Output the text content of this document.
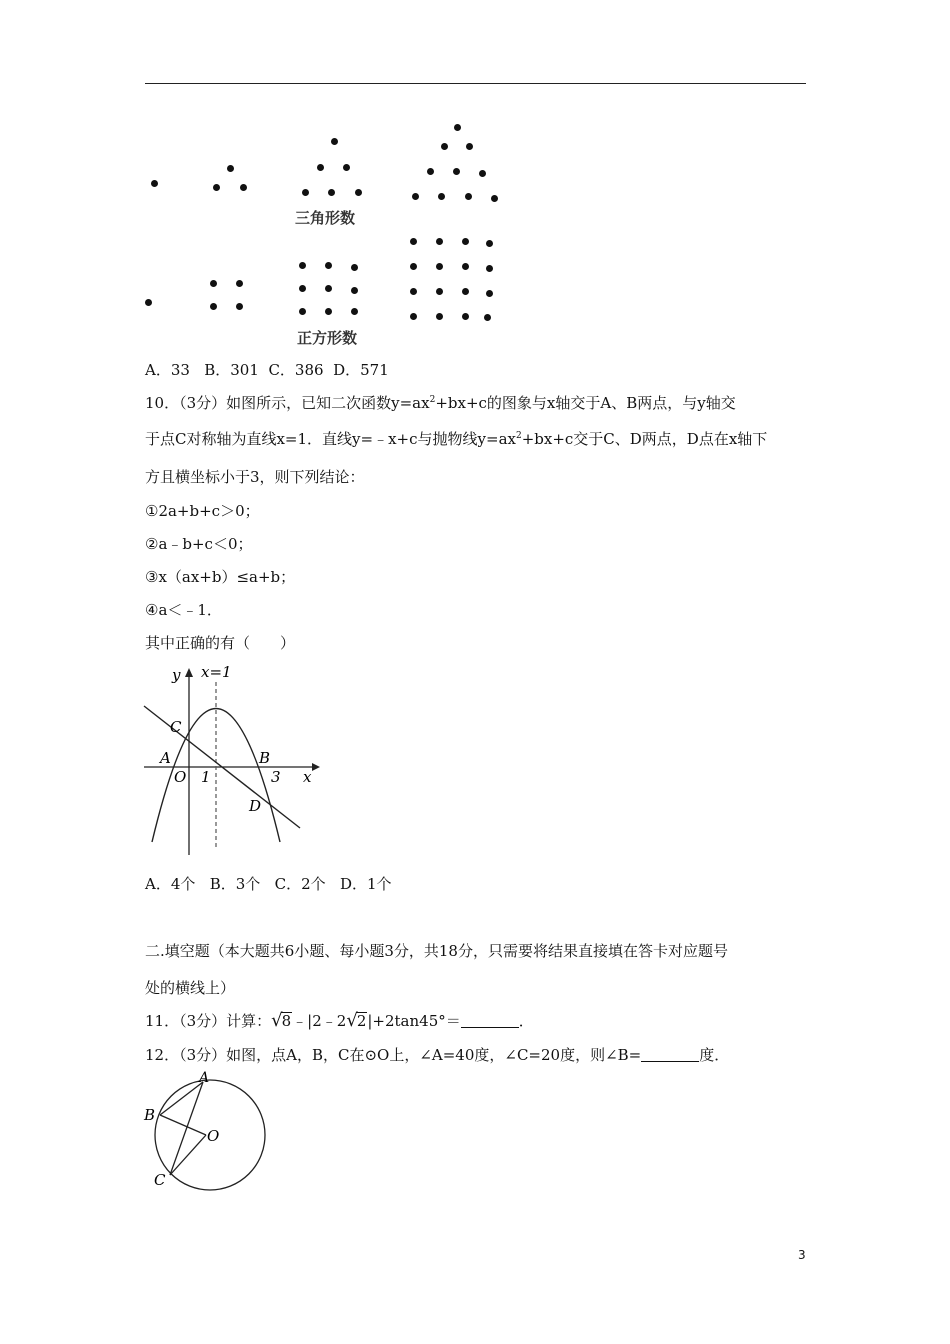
三角形数
正方形数
A．33 B．301 C．386 D．571
10．（3分）如图所示，已知二次函数$y=ax^2+bx+c$的图象与x轴交于A、B两点，与y轴交
于点C对称轴为直线x=1．直线y=﹣x+c与抛物线$y=ax^2+bx+c$交于C、D两点，D点在x轴下
方且横坐标小于3，则下列结论：
①2a+b+c＞0；
②a﹣b+c＜0；
③x（ax+b）≤a+b；
④a＜﹣1．
其中正确的有（　　）
y x=1
C
A
O 1
B
3 x
D
A．4个 B．3个 C．2个 D．1个
二.填空题（本大题共6小题、每小题3分，共18分，只需要将结果直接填在答卡对应题号
处的横线上）
11．（3分）计算：√8﹣|2﹣2√2|+2tan45°＝	．
12．（3分）如图，点A，B，C在⊙O上，∠A=40度，∠C=20度，则∠B=	度．
A
B
O
C
3
